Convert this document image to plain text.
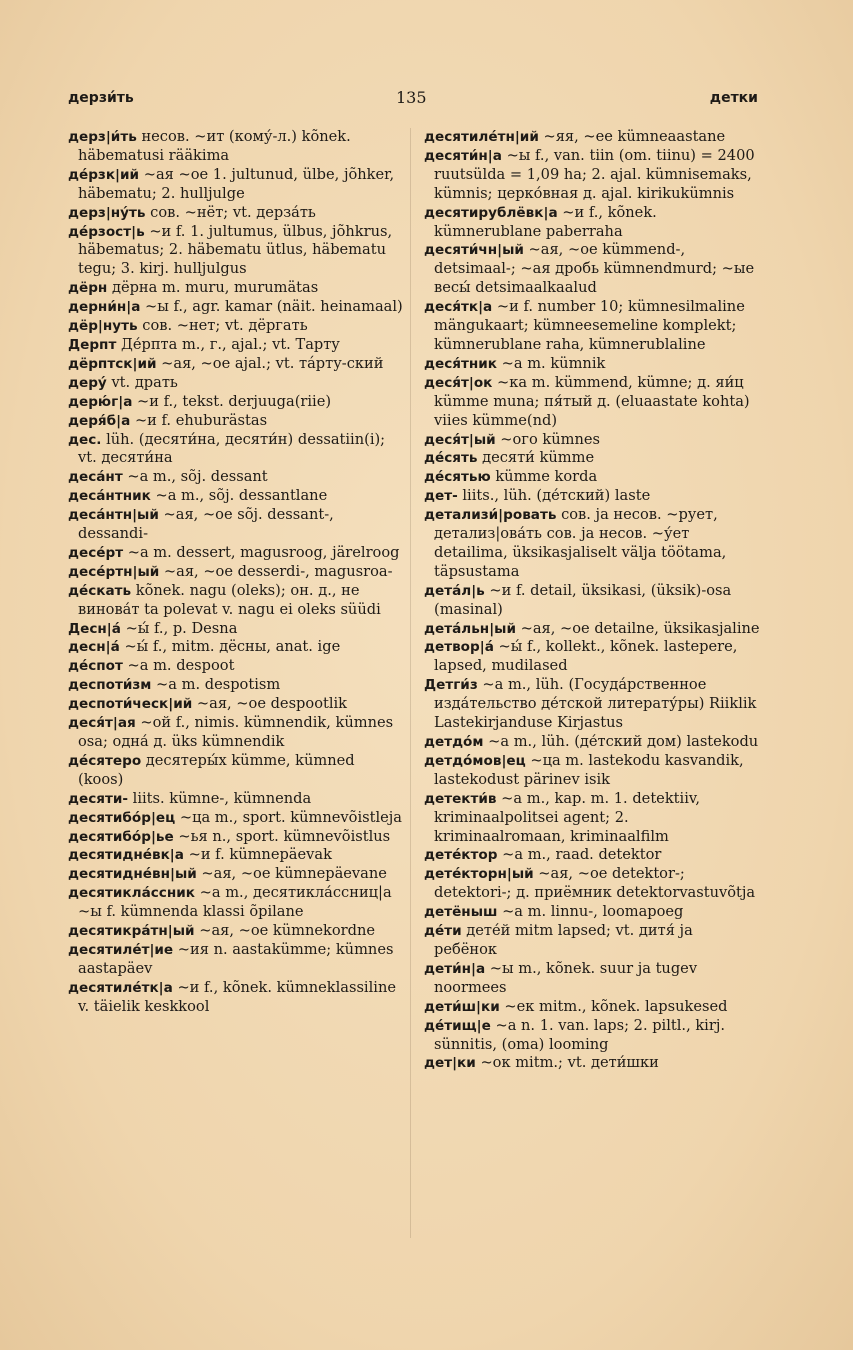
дерзи́ть	135	детки
дерз|и́ть несов. ~ит (кому́-л.) kõnek. häbematusi rääkima
де́рзк|ий ~ая ~ое 1. jultunud, ülbe, jõhker, häbematu; 2. hulljulge
дерз|ну́ть сов. ~нёт; vt. дерза́ть
де́рзост|ь ~и f. 1. jultumus, ülbus, jõhkrus, häbematus; 2. häbematu ütlus, häbematu tegu; 3. kirj. hulljulgus
дёрн дёрна m. muru, murumätas
дерни́н|а ~ы f., agr. kamar (näit. heinamaal)
дёр|нуть сов. ~нет; vt. дёргать
Дерпт Де́рпта m., г., ajal.; vt. Тарту
дёрптск|ий ~ая, ~ое ajal.; vt. тáрту-ский
деру́ vt. драть
дерю́г|а ~и f., tekst. derjuuga(riie)
деря́б|а ~и f. ehuburästas
дес. lüh. (десяти́на, десяти́н) dessatiin(i); vt. десяти́на
деса́нт ~а m., sõj. dessant
деса́нтник ~а m., sõj. dessantlane
деса́нтн|ый ~ая, ~ое sõj. dessant-, dessandi-
десе́рт ~а m. dessert, magusroog, järelroog
десе́ртн|ый ~ая, ~ое desserdi-, magusroa-
де́скать kõnek. nagu (oleks); он. д., не винова́т ta polevat v. nagu ei oleks süüdi
Десн|а́ ~ы́ f., p. Desna
десн|а́ ~ы́ f., mitm. дёсны, anat. ige
де́спот ~а m. despoot
деспоти́зм ~а m. despotism
деспоти́ческ|ий ~ая, ~ое despootlik
деся́т|ая ~ой f., nimis. kümnendik, kümnes osa; одна́ д. üks kümnendik
де́сятеро десятеры́х kümme, kümned (koos)
десяти- liits. kümne-, kümnenda
десятибо́р|ец ~ца m., sport. kümnevõistleja
десятибо́р|ье ~ья n., sport. kümnevõistlus
десятидне́вк|а ~и f. kümnepäevak
десятидне́вн|ый ~ая, ~ое kümnepäevane
десятикла́ссник ~а m., десятикла́ссниц|а ~ы f. kümnenda klassi õpilane
десятикра́тн|ый ~ая, ~ое kümnekordne
десятиле́т|ие ~ия n. aastakümme; kümnes aastapäev
десятиле́тк|а ~и f., kõnek. kümneklassiline v. täielik keskkool
десятиле́тн|ий ~яя, ~ее kümneaastane
десяти́н|а ~ы f., van. tiin (om. tiinu) = 2400 ruutsülda = 1,09 ha; 2. ajal. kümnisemaks, kümnis; церко́вная д. ajal. kirikukümnis
десятирублёвк|а ~и f., kõnek. kümnerublane paberraha
десяти́чн|ый ~ая, ~ое kümmend-, detsimaal-; ~ая дробь kümnendmurd; ~ые весы́ detsimaalkaalud
деся́тк|а ~и f. number 10; kümnesilmaline mängukaart; kümneesemeline komplekt; kümnerublane raha, kümnerublaline
деся́тник ~а m. kümnik
деся́т|ок ~ка m. kümmend, kümne; д. яи́ц kümme muna; пя́тый д. (eluaastate kohta) viies kümme(nd)
деся́т|ый ~ого kümnes
де́сять десяти́ kümme
де́сятью kümme korda
дет- liits., lüh. (де́тский) laste
детализи́|ровать сов. ja несов. ~рует, детализ|ова́ть сов. ja несов. ~у́ет detailima, üksikasjaliselt välja töötama, täpsustama
дета́л|ь ~и f. detail, üksikasi, (üksik)-osa (masinal)
дета́льн|ый ~ая, ~ое detailne, üksikasjaline
детвор|а́ ~ы́ f., kollekt., kõnek. lastepere, lapsed, mudilased
Детги́з ~а m., lüh. (Госуда́рственное изда́тельство де́тской литерату́ры) Riiklik Lastekirjanduse Kirjastus
детдо́м ~а m., lüh. (де́тский дом) lastekodu
детдо́мов|ец ~ца m. lastekodu kasvandik, lastekodust pärinev isik
детекти́в ~а m., kap. m. 1. detektiiv, kriminaalpolitsei agent; 2. kriminaalromaan, kriminaalfilm
дете́ктор ~а m., raad. detektor
дете́кторн|ый ~ая, ~ое detektor-; detektori-; д. приёмник detektorvastuvõtja
детёныш ~а m. linnu-, loomapoeg
де́ти дете́й mitm lapsed; vt. дитя́ ja ребёнок
дети́н|а ~ы m., kõnek. suur ja tugev noormees
дети́ш|ки ~ек mitm., kõnek. lapsukesed
де́тищ|е ~а n. 1. van. laps; 2. piltl., kirj. sünnitis, (oma) looming
дет|ки ~ок mitm.; vt. дети́шки
